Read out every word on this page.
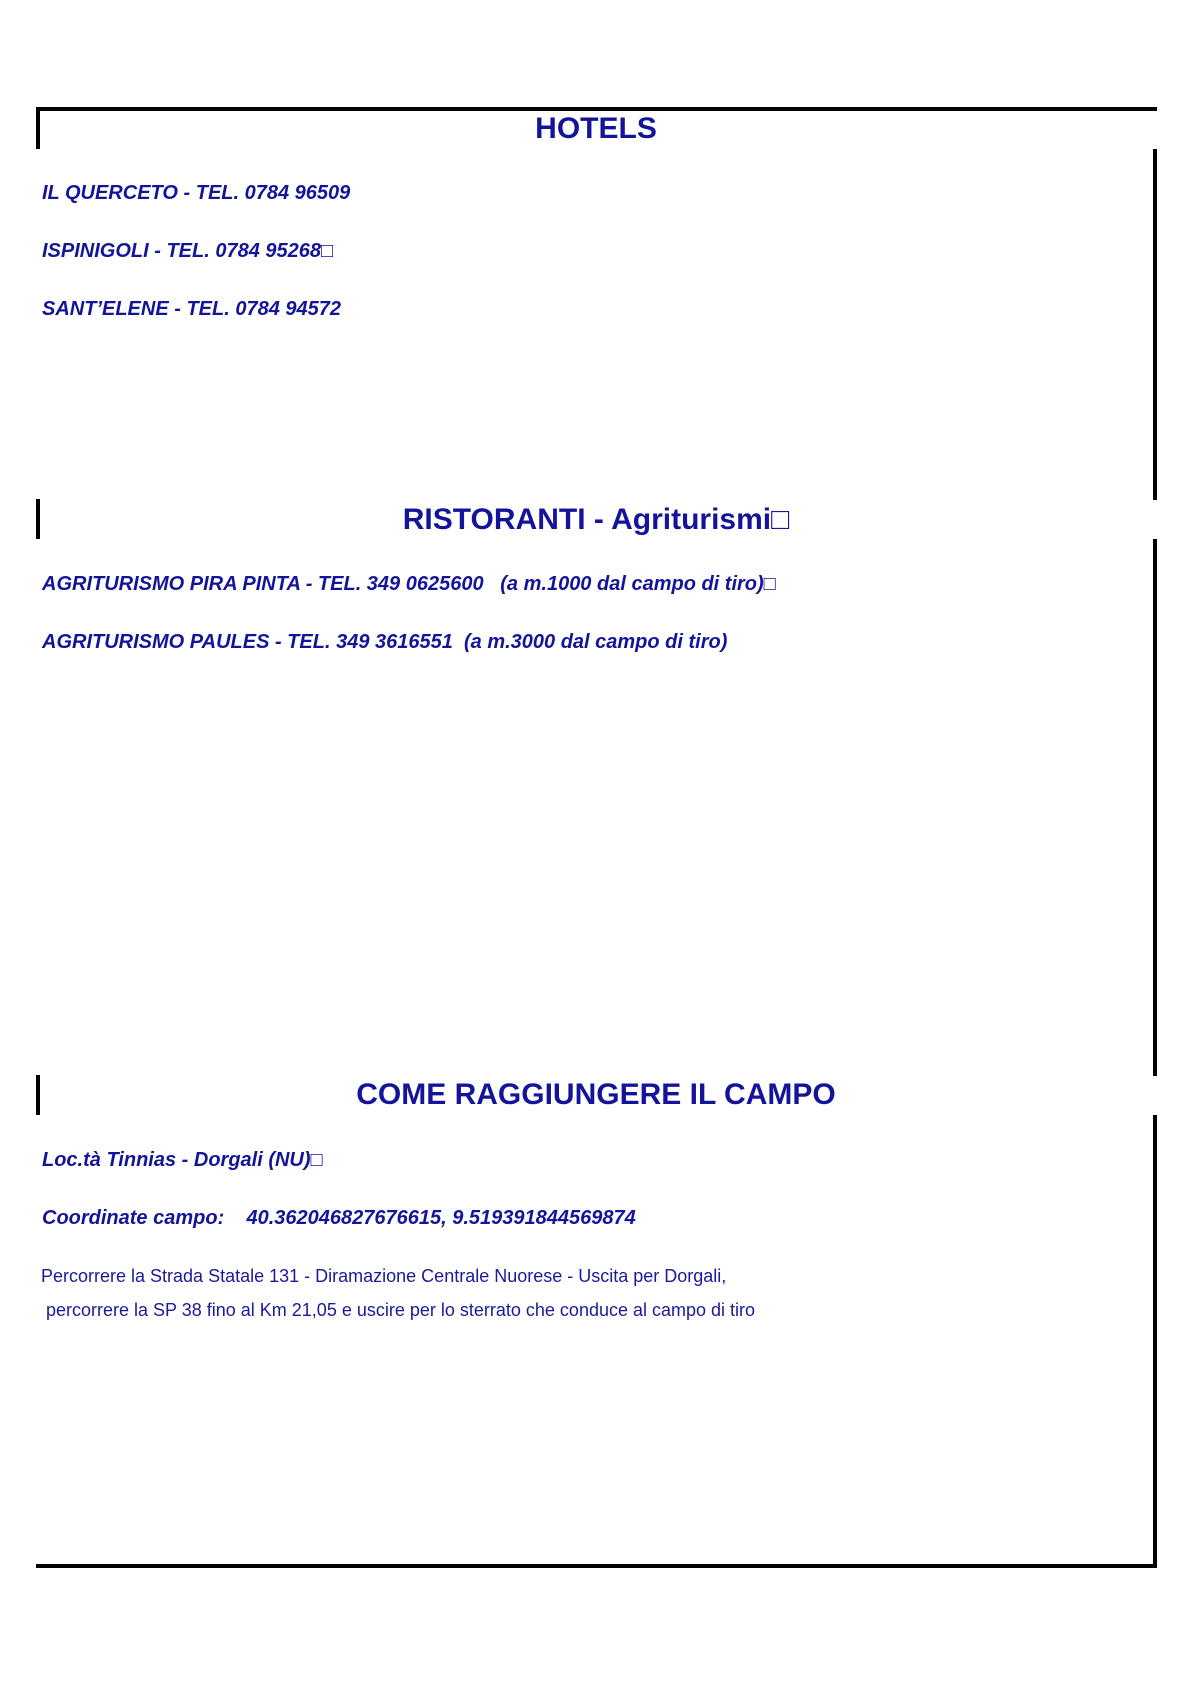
HOTELS

IL QUERCETO - TEL. 0784 96509

ISPINIGOLI - TEL. 0784 95268□

SANT’ELENE - TEL. 0784 94572

RISTORANTI - Agriturismi□

AGRITURISMO PIRA PINTA - TEL. 349 0625600   (a m.1000 dal campo di tiro)□

AGRITURISMO PAULES - TEL. 349 3616551  (a m.3000 dal campo di tiro)

COME RAGGIUNGERE IL CAMPO

Loc.tà Tinnias - Dorgali (NU)□

Coordinate campo:    40.362046827676615, 9.519391844569874

Percorrere la Strada Statale 131 - Diramazione Centrale Nuorese - Uscita per Dorgali,

percorrere la SP 38 fino al Km 21,05 e uscire per lo sterrato che conduce al campo di tiro
